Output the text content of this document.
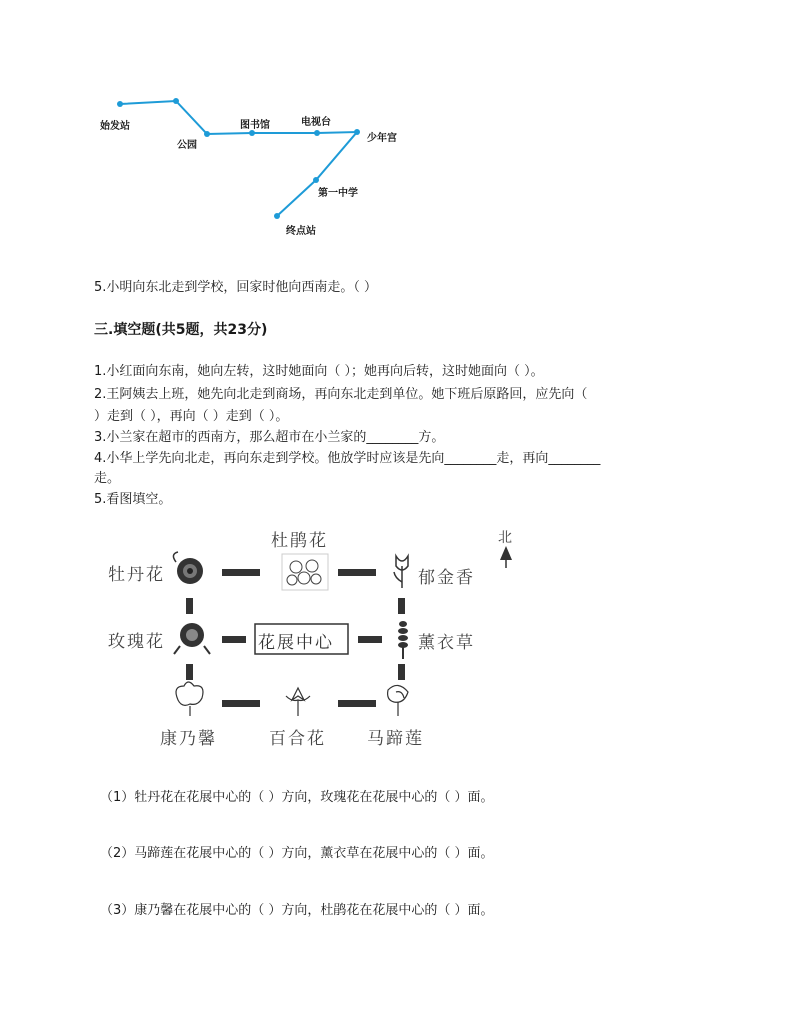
始发站
公园
图书馆	电视台
少年宫
第一中学
终点站
5.小明向东北走到学校，回家时他向西南走。（ ）
三.填空题(共5题，共23分)
1.小红面向东南，她向左转，这时她面向（ ）；她再向后转，这时她面向（ ）。
2.王阿姨去上班，她先向北走到商场，再向东北走到单位。她下班后原路回，应先向（
）走到（ ），再向（ ）走到（ ）。
3.小兰家在超市的西南方，那么超市在小兰家的________方。
4.小华上学先向北走，再向东走到学校。他放学时应该是先向________走，再向________
走。
5.看图填空。
北
牡丹花
杜鹃花
郁金香
玫瑰花	花展中心	薰衣草
康乃馨	百合花 马蹄莲
（1）牡丹花在花展中心的（ ）方向，玫瑰花在花展中心的（ ）面。
（2）马蹄莲在花展中心的（ ）方向，薰衣草在花展中心的（ ）面。
（3）康乃馨在花展中心的（ ）方向，杜鹃花在花展中心的（ ）面。
